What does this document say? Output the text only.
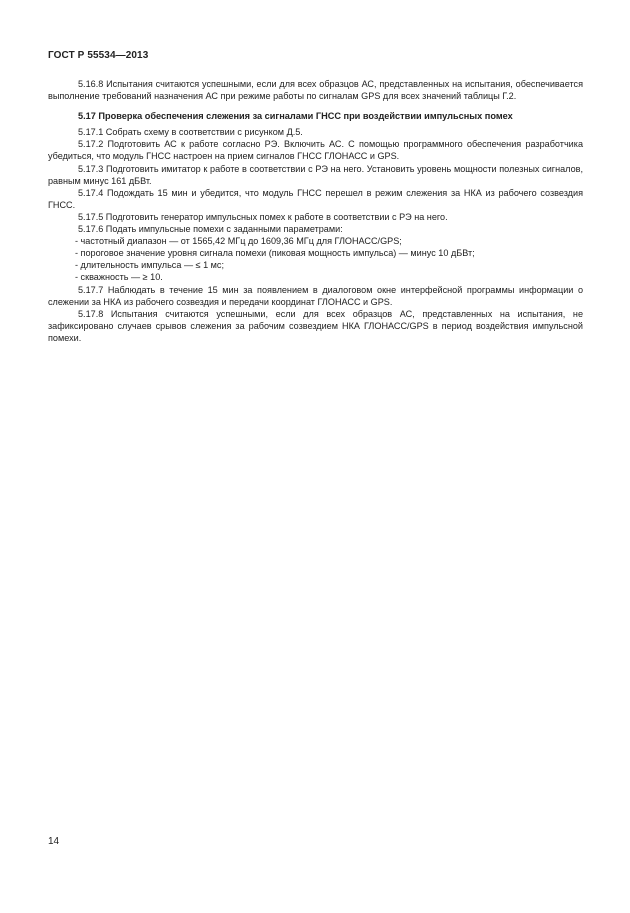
ГОСТ Р 55534—2013

5.16.8 Испытания считаются успешными, если для всех образцов АС, представленных на испытания, обеспечивается выполнение требований назначения АС при режиме работы по сигналам GPS для всех значений таблицы Г.2.

5.17 Проверка обеспечения слежения за сигналами ГНСС при воздействии импульсных помех

5.17.1 Собрать схему в соответствии с рисунком Д.5.

5.17.2 Подготовить АС к работе согласно РЭ. Включить АС. С помощью программного обеспечения разработчика убедиться, что модуль ГНСС настроен на прием сигналов ГНСС ГЛОНАСС и GPS.

5.17.3 Подготовить имитатор к работе в соответствии с РЭ на него. Установить уровень мощности полезных сигналов, равным минус 161 дБВт.

5.17.4 Подождать 15 мин и убедится, что модуль ГНСС перешел в режим слежения за НКА из рабочего созвездия ГНСС.

5.17.5 Подготовить генератор импульсных помех к работе в соответствии с РЭ на него.

5.17.6 Подать импульсные помехи с заданными параметрами:

- частотный диапазон — от 1565,42 МГц до 1609,36 МГц для ГЛОНАСС/GPS;

- пороговое значение уровня сигнала помехи (пиковая мощность импульса) — минус 10 дБВт;

- длительность импульса — ≤ 1 мс;

- скважность — ≥ 10.

5.17.7 Наблюдать в течение 15 мин за появлением в диалоговом окне интерфейсной программы информации о слежении за НКА из рабочего созвездия и передачи координат ГЛОНАСС и GPS.

5.17.8 Испытания считаются успешными, если для всех образцов АС, представленных на испытания, не зафиксировано случаев срывов слежения за рабочим созвездием НКА ГЛОНАСС/GPS в период воздействия импульсной помехи.

14
